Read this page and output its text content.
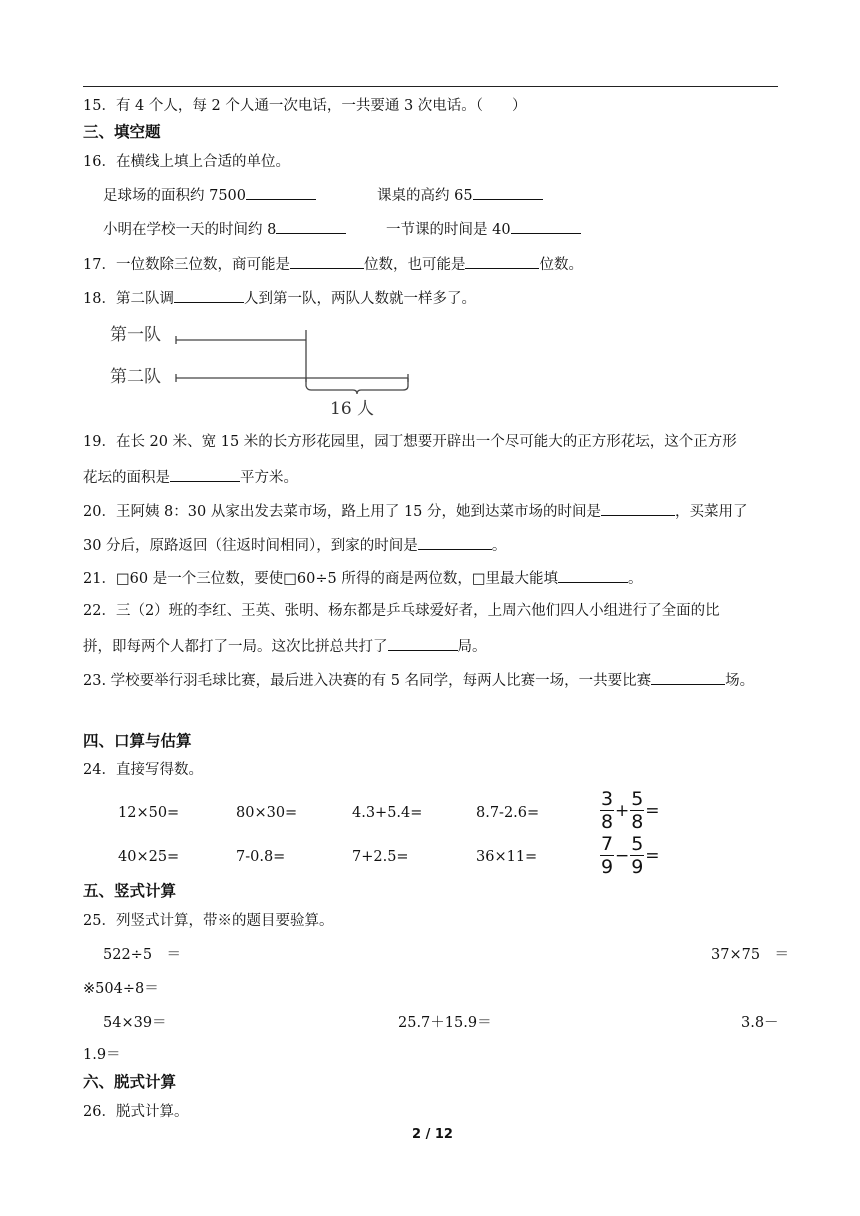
15．有 4 个人，每 2 个人通一次电话，一共要通 3 次电话。（　　）
三、填空题
16．在横线上填上合适的单位。
足球场的面积约 7500	课桌的高约 65
小明在学校一天的时间约 8	一节课的时间是 40
17．一位数除三位数，商可能是	位数，也可能是	位数。
18．第二队调	人到第一队，两队人数就一样多了。
第一队
第二队
16 人
19．在长 20 米、宽 15 米的长方形花园里，园丁想要开辟出一个尽可能大的正方形花坛，这个正方形
花坛的面积是	平方米。
20．王阿姨 8：30 从家出发去菜市场，路上用了 15 分，她到达菜市场的时间是	，买菜用了
30 分后，原路返回（往返时间相同），到家的时间是	。
21．□60 是一个三位数，要使□60÷5 所得的商是两位数，□里最大能填	。
22．三（2）班的李红、王英、张明、杨东都是乒乓球爱好者，上周六他们四人小组进行了全面的比
拼，即每两个人都打了一局。这次比拼总共打了	局。
23. 学校要举行羽毛球比赛，最后进入决赛的有 5 名同学，每两人比赛一场，一共要比赛	场。
四、口算与估算
24．直接写得数。
12×50=	80×30=	4.3+5.4=	8.7-2.6=	$\frac{3}{8} + \frac{5}{8}$ =
40×25=	7-0.8=	7+2.5=	36×11=	$\frac{7}{9} - \frac{5}{9}$ =
五、竖式计算
25．列竖式计算，带※的题目要验算。
522÷5　＝	37×75　＝
※504÷8＝
54×39＝	25.7＋15.9＝	3.8－
1.9＝
六、脱式计算
26．脱式计算。
2 / 12
